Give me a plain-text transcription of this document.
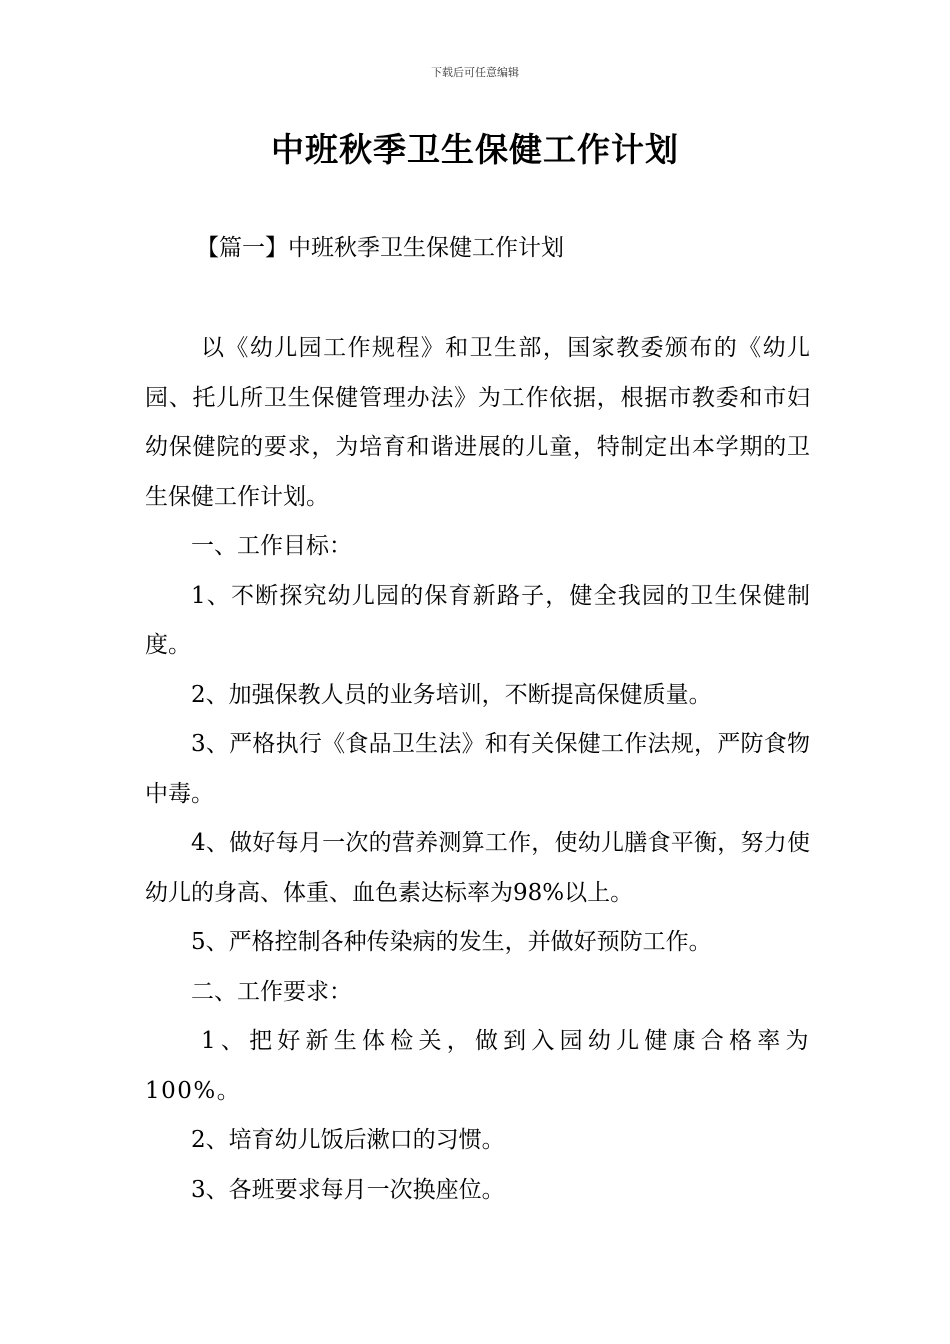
下载后可任意编辑
中班秋季卫生保健工作计划
【篇一】中班秋季卫生保健工作计划

以《幼儿园工作规程》和卫生部，国家教委颁布的《幼儿园、托儿所卫生保健管理办法》为工作依据，根据市教委和市妇幼保健院的要求，为培育和谐进展的儿童，特制定出本学期的卫生保健工作计划。

一、工作目标：

1、不断探究幼儿园的保育新路子，健全我园的卫生保健制度。

2、加强保教人员的业务培训，不断提高保健质量。

3、严格执行《食品卫生法》和有关保健工作法规，严防食物中毒。

4、做好每月一次的营养测算工作，使幼儿膳食平衡，努力使幼儿的身高、体重、血色素达标率为98%以上。

5、严格控制各种传染病的发生，并做好预防工作。

二、工作要求：

1、把好新生体检关，做到入园幼儿健康合格率为100%。

2、培育幼儿饭后漱口的习惯。

3、各班要求每月一次换座位。
